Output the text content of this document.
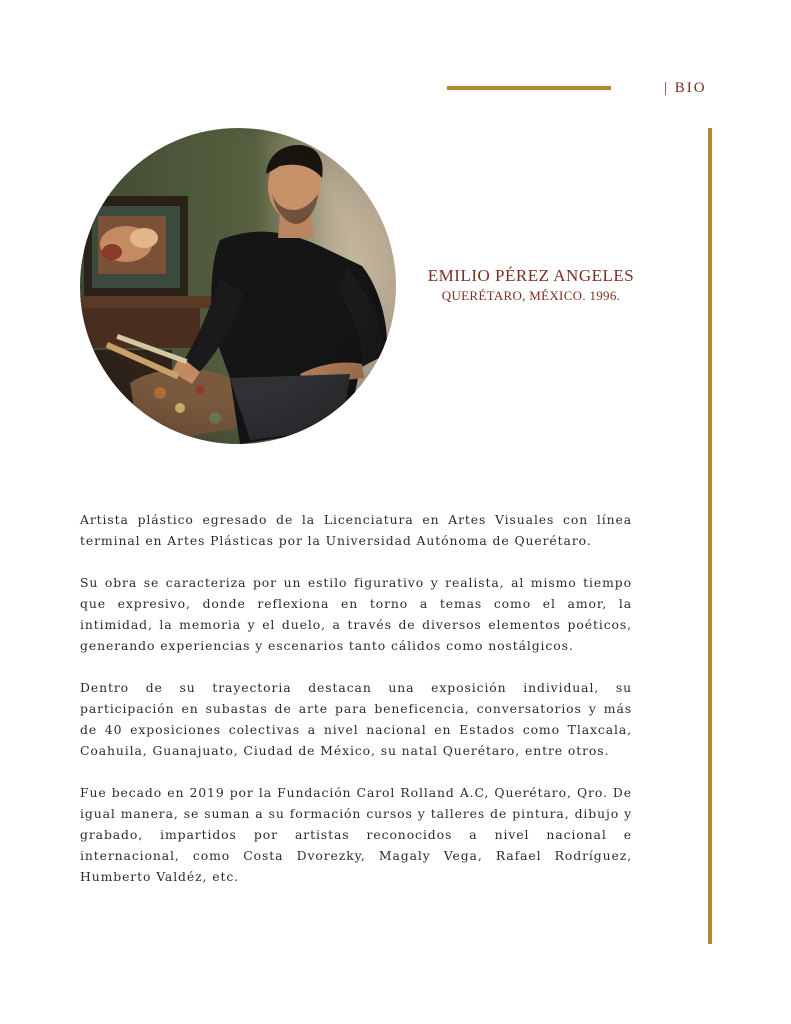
| BIO
EMILIO PÉREZ ANGELES
QUERÉTARO, MÉXICO. 1996.

Artista plástico egresado de la Licenciatura en Artes Visuales con línea terminal en Artes Plásticas por la Universidad Autónoma de Querétaro.

Su obra se caracteriza por un estilo figurativo y realista, al mismo tiempo que expresivo, donde reflexiona en torno a temas como el amor, la intimidad, la memoria y el duelo, a través de diversos elementos poéticos, generando experiencias y escenarios tanto cálidos como nostálgicos.

Dentro de su trayectoria destacan una exposición individual, su participación en subastas de arte para beneficencia, conversatorios y más de 40 exposiciones colectivas a nivel nacional en Estados como Tlaxcala, Coahuila, Guanajuato, Ciudad de México, su natal Querétaro, entre otros.

Fue becado en 2019 por la Fundación Carol Rolland A.C, Querétaro, Qro. De igual manera, se suman a su formación cursos y talleres de pintura, dibujo y grabado, impartidos por artistas reconocidos a nivel nacional e internacional, como Costa Dvorezky, Magaly Vega, Rafael Rodríguez, Humberto Valdéz, etc.
